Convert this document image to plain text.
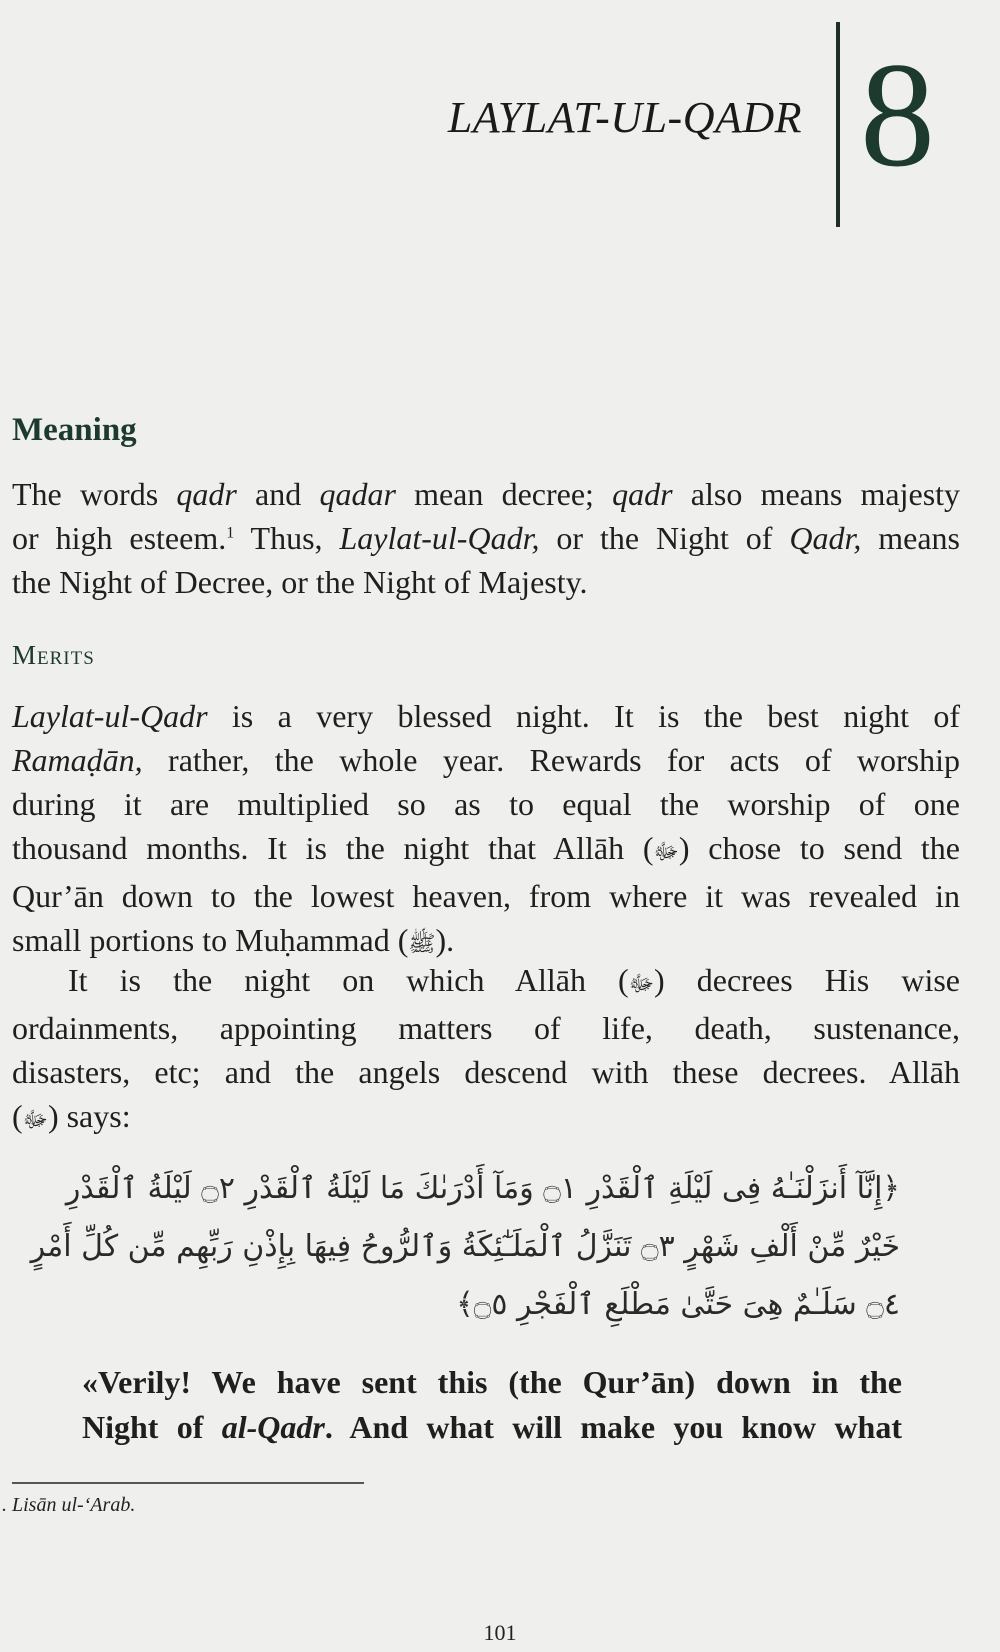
LAYLAT-UL-QADR 8
Meaning
The words qadr and qadar mean decree; qadr also means majesty
or high esteem.$^1$ Thus, Laylat-ul-Qadr, or the Night of Qadr, means
the Night of Decree, or the Night of Majesty.
Merits
Laylat-ul-Qadr is a very blessed night. It is the best night of
Ramaḍān, rather, the whole year. Rewards for acts of worship
during it are multiplied so as to equal the worship of one
thousand months. It is the night that Allāh (ﷻ) chose to send the
Qur’ān down to the lowest heaven, from where it was revealed in
small portions to Muḥammad (ﷺ).
It is the night on which Allāh (ﷻ) decrees His wise
ordainments, appointing matters of life, death, sustenance,
disasters, etc; and the angels descend with these decrees. Allāh
(ﷻ) says:
﴿إِنَّآ أَنزَلْنَـٰهُ فِى لَيْلَةِ ٱلْقَدْرِ ۝١ وَمَآ أَدْرَىٰكَ مَا لَيْلَةُ ٱلْقَدْرِ ۝٢ لَيْلَةُ ٱلْقَدْرِ
خَيْرٌ مِّنْ أَلْفِ شَهْرٍ ۝٣ تَنَزَّلُ ٱلْمَلَـٰٓئِكَةُ وَٱلرُّوحُ فِيهَا بِإِذْنِ رَبِّهِم مِّن كُلِّ أَمْرٍ
۝٤ سَلَـٰمٌ هِىَ حَتَّىٰ مَطْلَعِ ٱلْفَجْرِ ۝٥﴾
«Verily! We have sent this (the Qur’ān) down in the
Night of al-Qadr. And what will make you know what
. Lisān ul-‘Arab.
101
